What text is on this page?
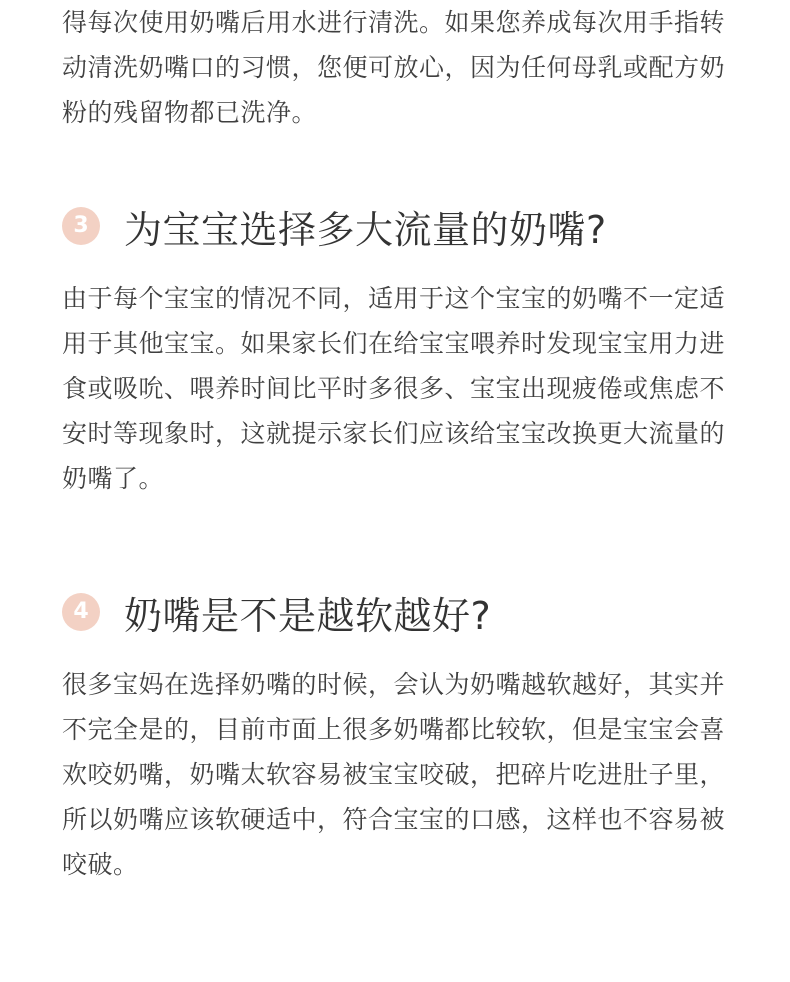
得每次使用奶嘴后用水进行清洗。如果您养成每次用手指转
动清洗奶嘴口的习惯，您便可放心，因为任何母乳或配方奶
粉的残留物都已洗净。
3 为宝宝选择多大流量的奶嘴?
由于每个宝宝的情况不同，适用于这个宝宝的奶嘴不一定适
用于其他宝宝。如果家长们在给宝宝喂养时发现宝宝用力进
食或吸吮、喂养时间比平时多很多、宝宝出现疲倦或焦虑不
安时等现象时，这就提示家长们应该给宝宝改换更大流量的
奶嘴了。
4 奶嘴是不是越软越好?
很多宝妈在选择奶嘴的时候，会认为奶嘴越软越好，其实并
不完全是的，目前市面上很多奶嘴都比较软，但是宝宝会喜
欢咬奶嘴，奶嘴太软容易被宝宝咬破，把碎片吃进肚子里，
所以奶嘴应该软硬适中，符合宝宝的口感，这样也不容易被
咬破。
